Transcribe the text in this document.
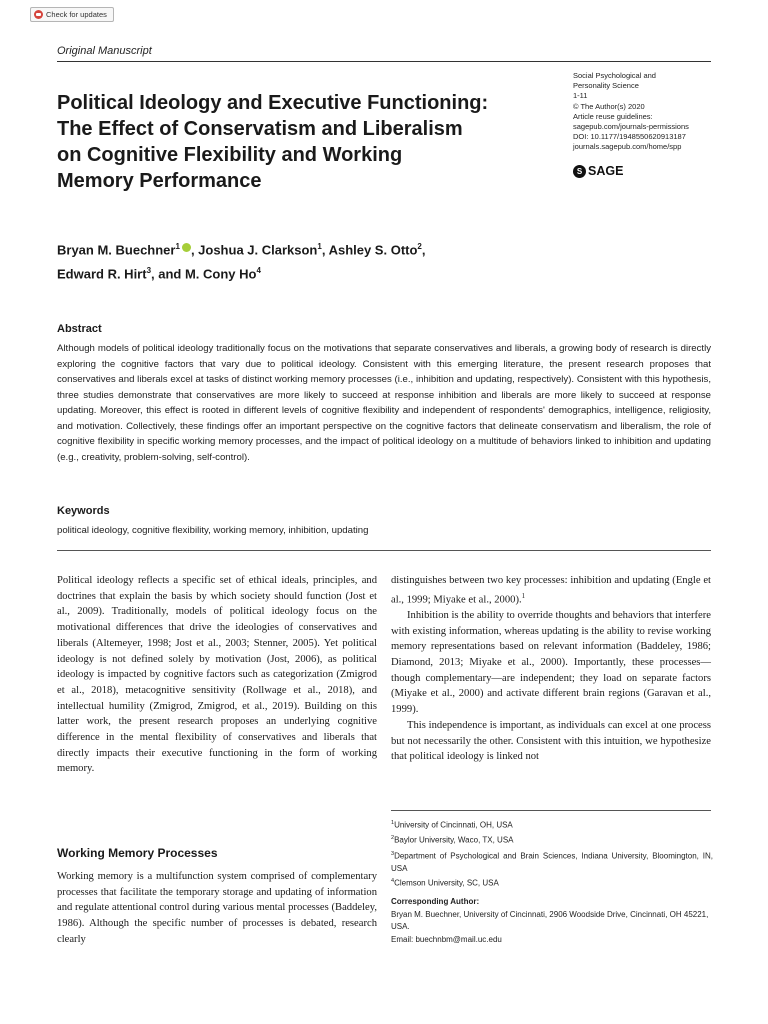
Check for updates
Original Manuscript
Political Ideology and Executive Functioning:
The Effect of Conservatism and Liberalism
on Cognitive Flexibility and Working
Memory Performance
Social Psychological and
Personality Science
1-11
© The Author(s) 2020
Article reuse guidelines:
sagepub.com/journals-permissions
DOI: 10.1177/1948550620913187
journals.sagepub.com/home/spp
S SAGE
Bryan M. Buechner$^1$ , Joshua J. Clarkson$^1$, Ashley S. Otto$^2$,
Edward R. Hirt$^3$, and M. Cony Ho$^4$
Abstract
Although models of political ideology traditionally focus on the motivations that separate conservatives and liberals, a growing body of research is directly exploring the cognitive factors that vary due to political ideology. Consistent with this emerging literature, the present research proposes that conservatives and liberals excel at tasks of distinct working memory processes (i.e., inhibition and updating, respectively). Consistent with this hypothesis, three studies demonstrate that conservatives are more likely to succeed at response inhibition and liberals are more likely to succeed at response updating. Moreover, this effect is rooted in different levels of cognitive flexibility and independent of respondents' demographics, intelligence, religiosity, and motivation. Collectively, these findings offer an important perspective on the cognitive factors that delineate conservatism and liberalism, the role of cognitive flexibility in specific working memory processes, and the impact of political ideology on a multitude of behaviors linked to inhibition and updating (e.g., creativity, problem-solving, self-control).
Keywords
political ideology, cognitive flexibility, working memory, inhibition, updating

Political ideology reflects a specific set of ethical ideals, principles, and doctrines that explain the basis by which society should function (Jost et al., 2009). Traditionally, models of political ideology focus on the motivational differences that drive the ideologies of conservatives and liberals (Altemeyer, 1998; Jost et al., 2003; Stenner, 2005). Yet political ideology is not defined solely by motivation (Jost, 2006), as political ideology is impacted by cognitive factors such as categorization (Zmigrod et al., 2018), metacognitive sensitivity (Rollwage et al., 2018), and intellectual humility (Zmigrod, Zmigrod, et al., 2019). Building on this latter work, the present research proposes an underlying cognitive difference in the mental flexibility of conservatives and liberals that directly impacts their executive functioning in the form of working memory.

Working Memory Processes

Working memory is a multifunction system comprised of complementary processes that facilitate the temporary storage and updating of information and regulate attentional control during various mental processes (Baddeley, 1986). Although the specific number of processes is debated, research clearly

distinguishes between two key processes: inhibition and updating (Engle et al., 1999; Miyake et al., 2000).$^1$

Inhibition is the ability to override thoughts and behaviors that interfere with existing information, whereas updating is the ability to revise working memory representations based on relevant information (Baddeley, 1986; Diamond, 2013; Miyake et al., 2000). Importantly, these processes—though complementary—are independent; they load on separate factors (Miyake et al., 2000) and activate different brain regions (Garavan et al., 1999).

This independence is important, as individuals can excel at one process but not necessarily the other. Consistent with this intuition, we hypothesize that political ideology is linked not

$^1$University of Cincinnati, OH, USA
$^2$Baylor University, Waco, TX, USA
$^3$Department of Psychological and Brain Sciences, Indiana University, Bloomington, IN, USA
$^4$Clemson University, SC, USA
Corresponding Author:
Bryan M. Buechner, University of Cincinnati, 2906 Woodside Drive, Cincinnati, OH 45221, USA.
Email: buechnbm@mail.uc.edu
